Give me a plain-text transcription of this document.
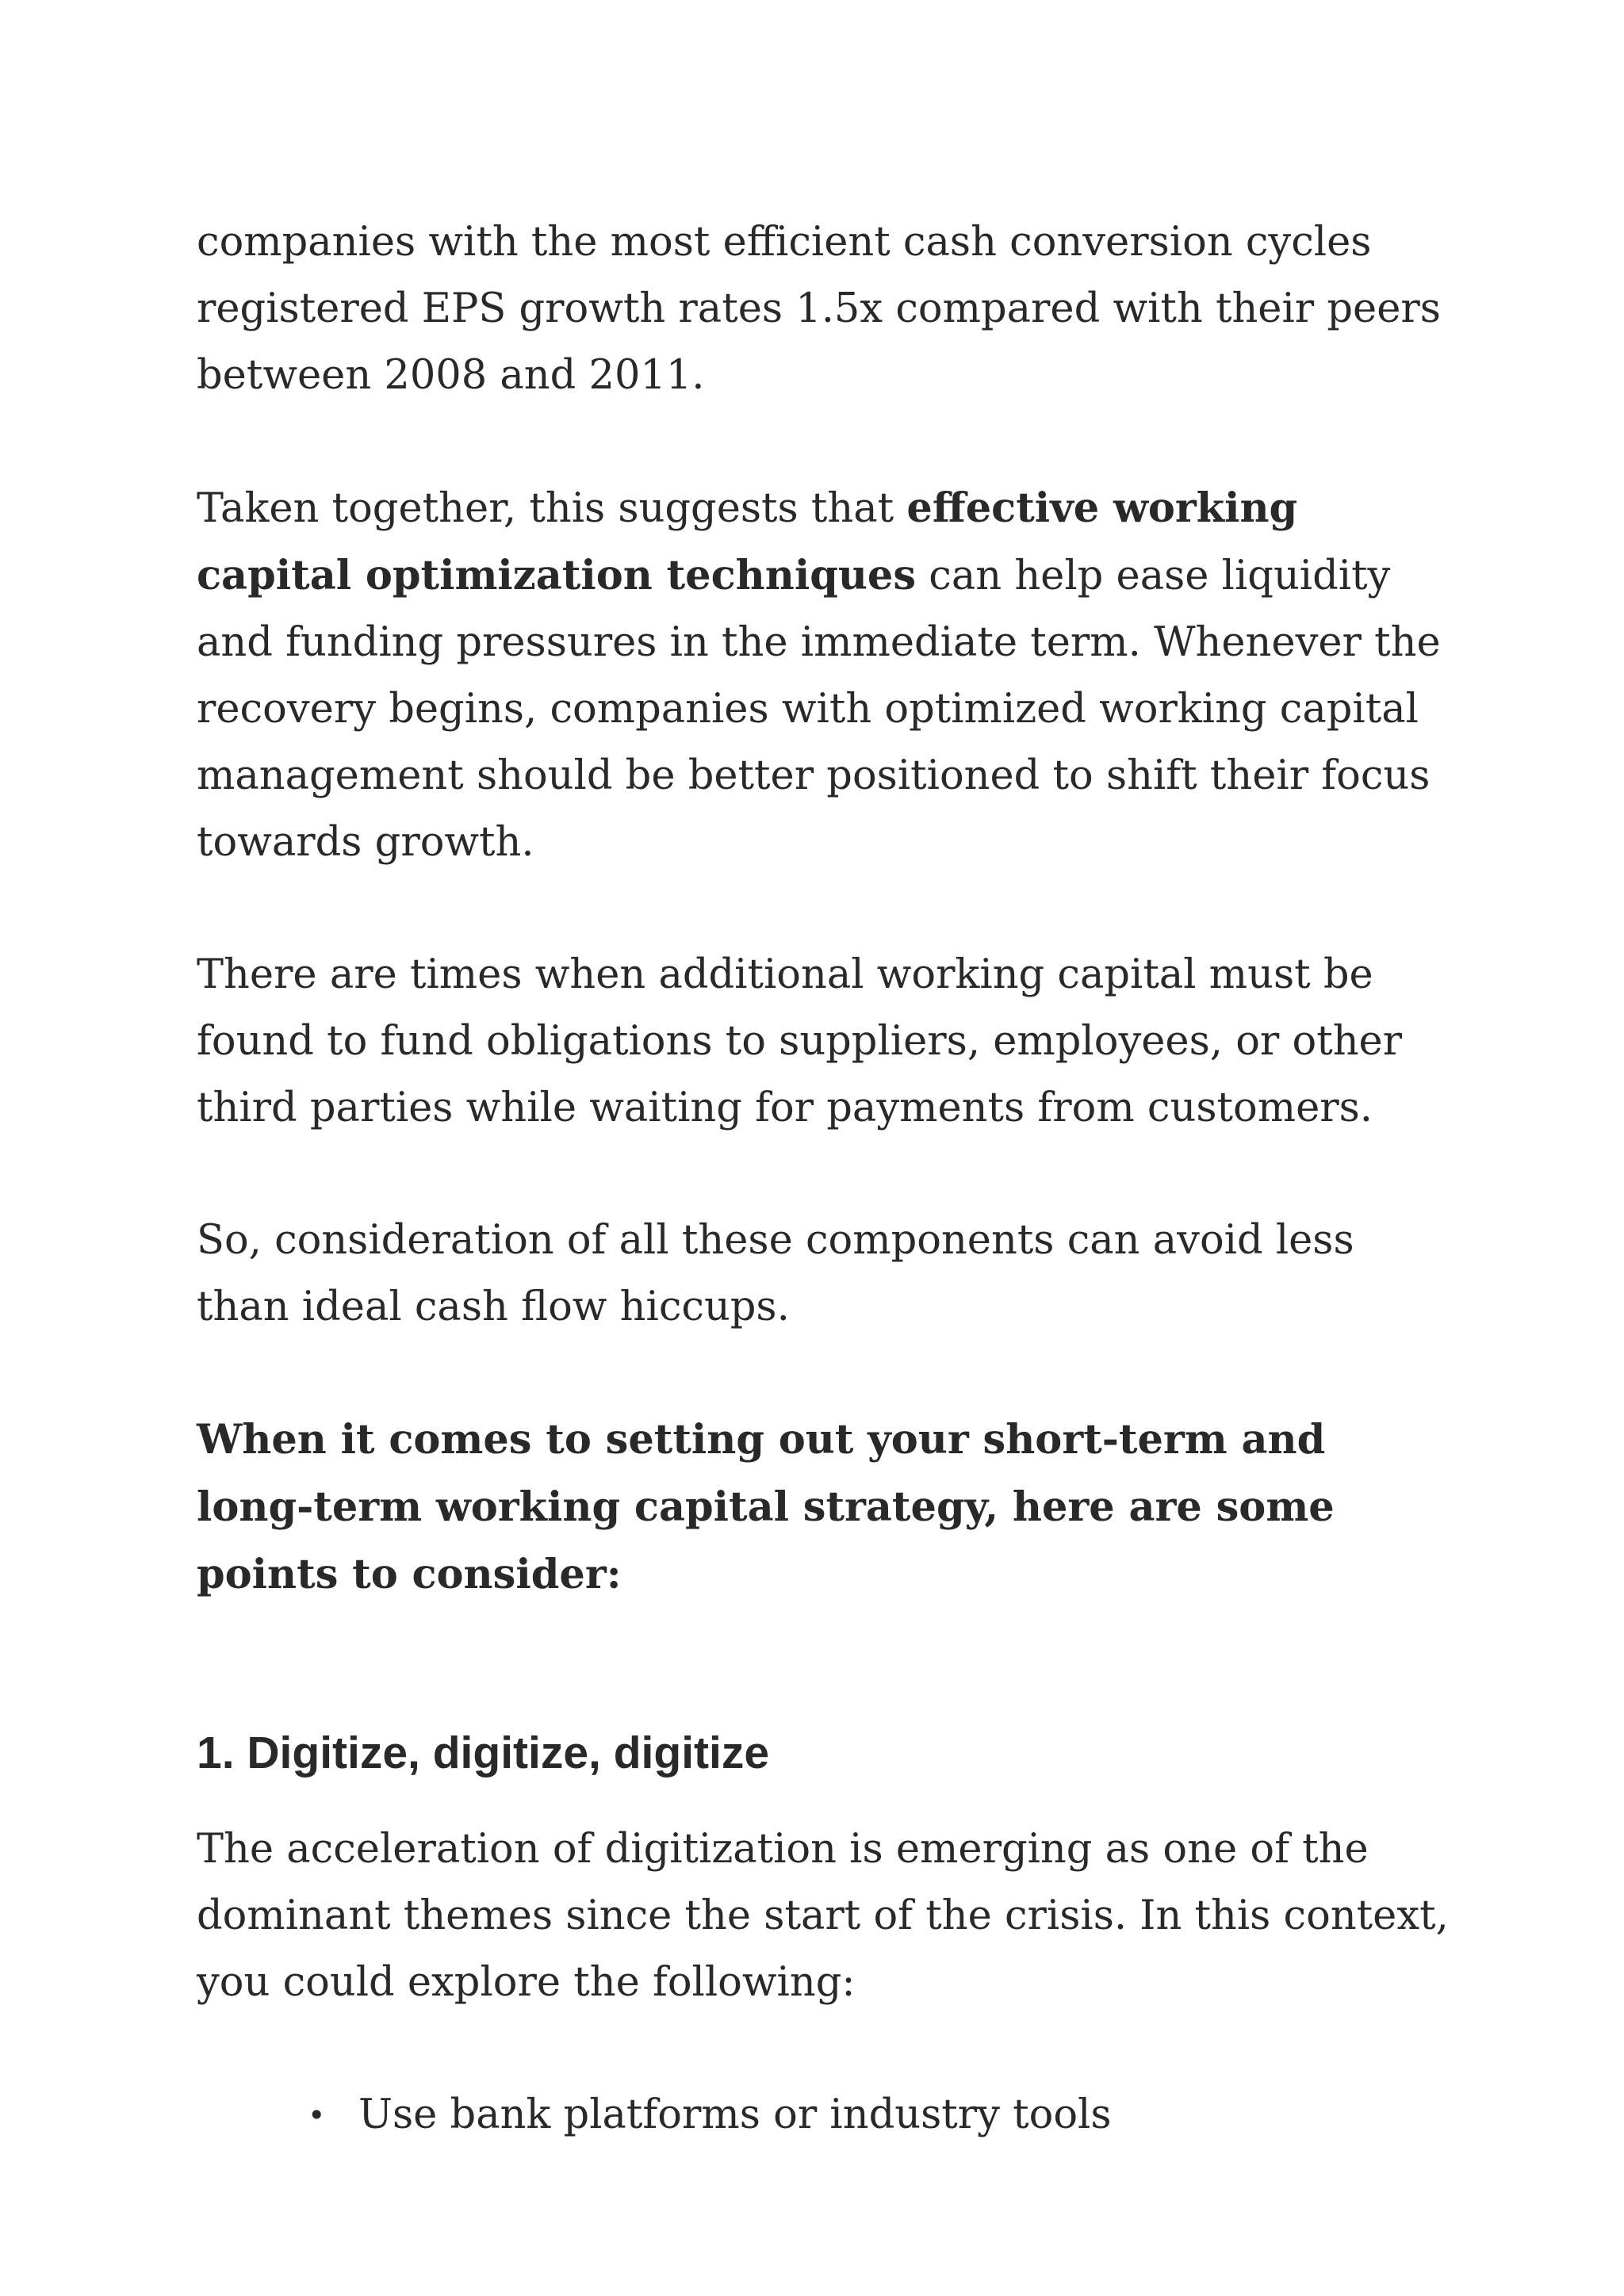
companies with the most efficient cash conversion cycles registered EPS growth rates 1.5x compared with their peers between 2008 and 2011.

Taken together, this suggests that effective working capital optimization techniques can help ease liquidity and funding pressures in the immediate term. Whenever the recovery begins, companies with optimized working capital management should be better positioned to shift their focus towards growth.

There are times when additional working capital must be found to fund obligations to suppliers, employees, or other third parties while waiting for payments from customers.

So, consideration of all these components can avoid less than ideal cash flow hiccups.

When it comes to setting out your short-term and long-term working capital strategy, here are some points to consider:

1. Digitize, digitize, digitize

The acceleration of digitization is emerging as one of the dominant themes since the start of the crisis. In this context, you could explore the following:

• Use bank platforms or industry tools
